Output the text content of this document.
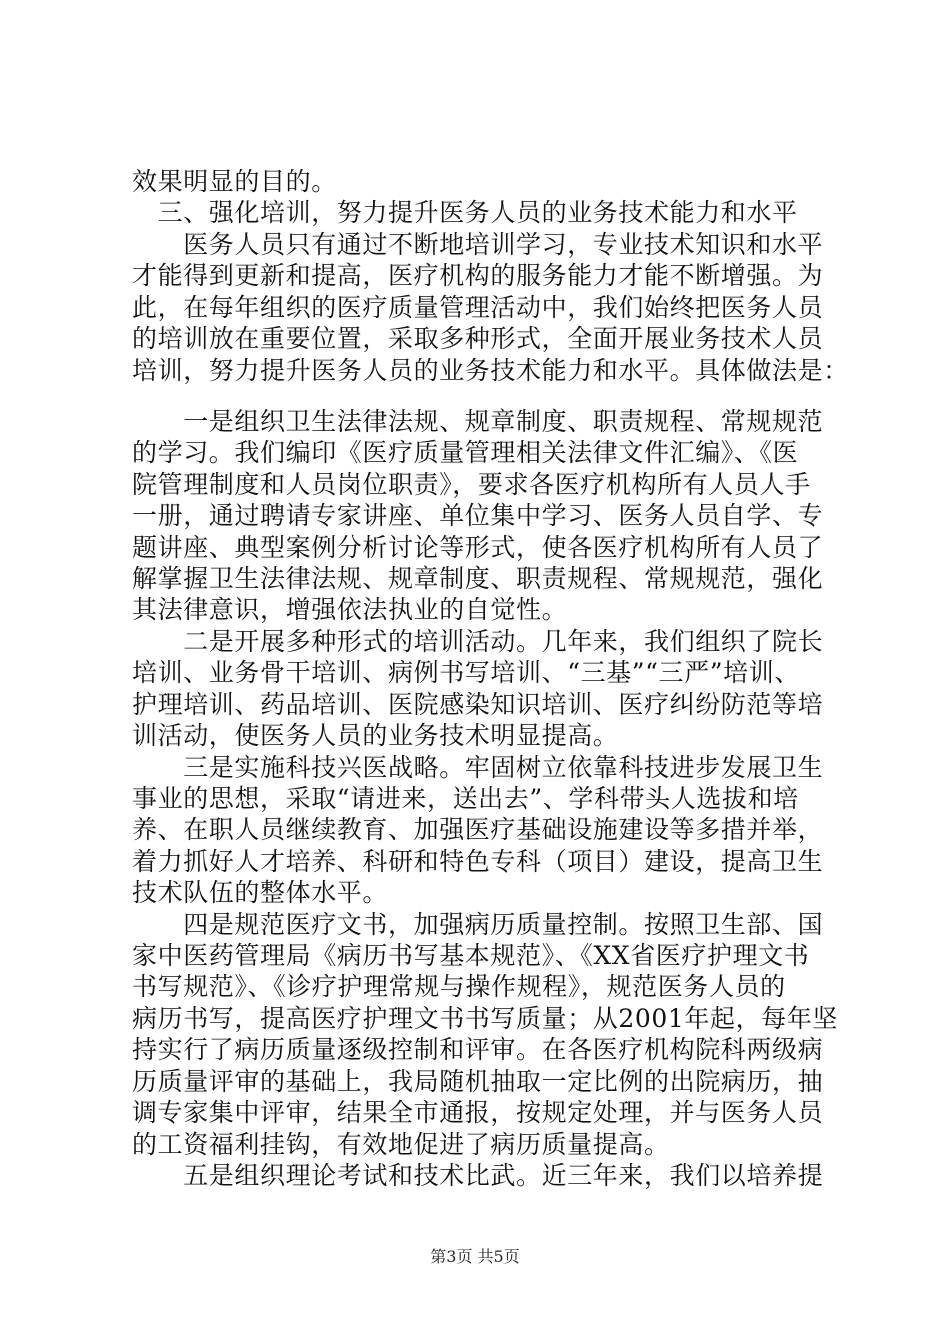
效果明显的目的。
　三、强化培训，努力提升医务人员的业务技术能力和水平
　　医务人员只有通过不断地培训学习，专业技术知识和水平
才能得到更新和提高，医疗机构的服务能力才能不断增强。为
此，在每年组织的医疗质量管理活动中，我们始终把医务人员
的培训放在重要位置，采取多种形式，全面开展业务技术人员
培训，努力提升医务人员的业务技术能力和水平。具体做法是：
　　一是组织卫生法律法规、规章制度、职责规程、常规规范
的学习。我们编印《医疗质量管理相关法律文件汇编》、《医
院管理制度和人员岗位职责》，要求各医疗机构所有人员人手
一册，通过聘请专家讲座、单位集中学习、医务人员自学、专
题讲座、典型案例分析讨论等形式，使各医疗机构所有人员了
解掌握卫生法律法规、规章制度、职责规程、常规规范，强化
其法律意识，增强依法执业的自觉性。
　　二是开展多种形式的培训活动。几年来，我们组织了院长
培训、业务骨干培训、病例书写培训、“三基”“三严”培训、
护理培训、药品培训、医院感染知识培训、医疗纠纷防范等培
训活动，使医务人员的业务技术明显提高。
　　三是实施科技兴医战略。牢固树立依靠科技进步发展卫生
事业的思想，采取“请进来，送出去”、学科带头人选拔和培
养、在职人员继续教育、加强医疗基础设施建设等多措并举，
着力抓好人才培养、科研和特色专科（项目）建设，提高卫生
技术队伍的整体水平。
　　四是规范医疗文书，加强病历质量控制。按照卫生部、国
家中医药管理局《病历书写基本规范》、《XX省医疗护理文书
书写规范》、《诊疗护理常规与操作规程》，规范医务人员的
病历书写，提高医疗护理文书书写质量；从2001年起，每年坚
持实行了病历质量逐级控制和评审。在各医疗机构院科两级病
历质量评审的基础上，我局随机抽取一定比例的出院病历，抽
调专家集中评审，结果全市通报，按规定处理，并与医务人员
的工资福利挂钩，有效地促进了病历质量提高。
　　五是组织理论考试和技术比武。近三年来，我们以培养提
第3页 共5页
